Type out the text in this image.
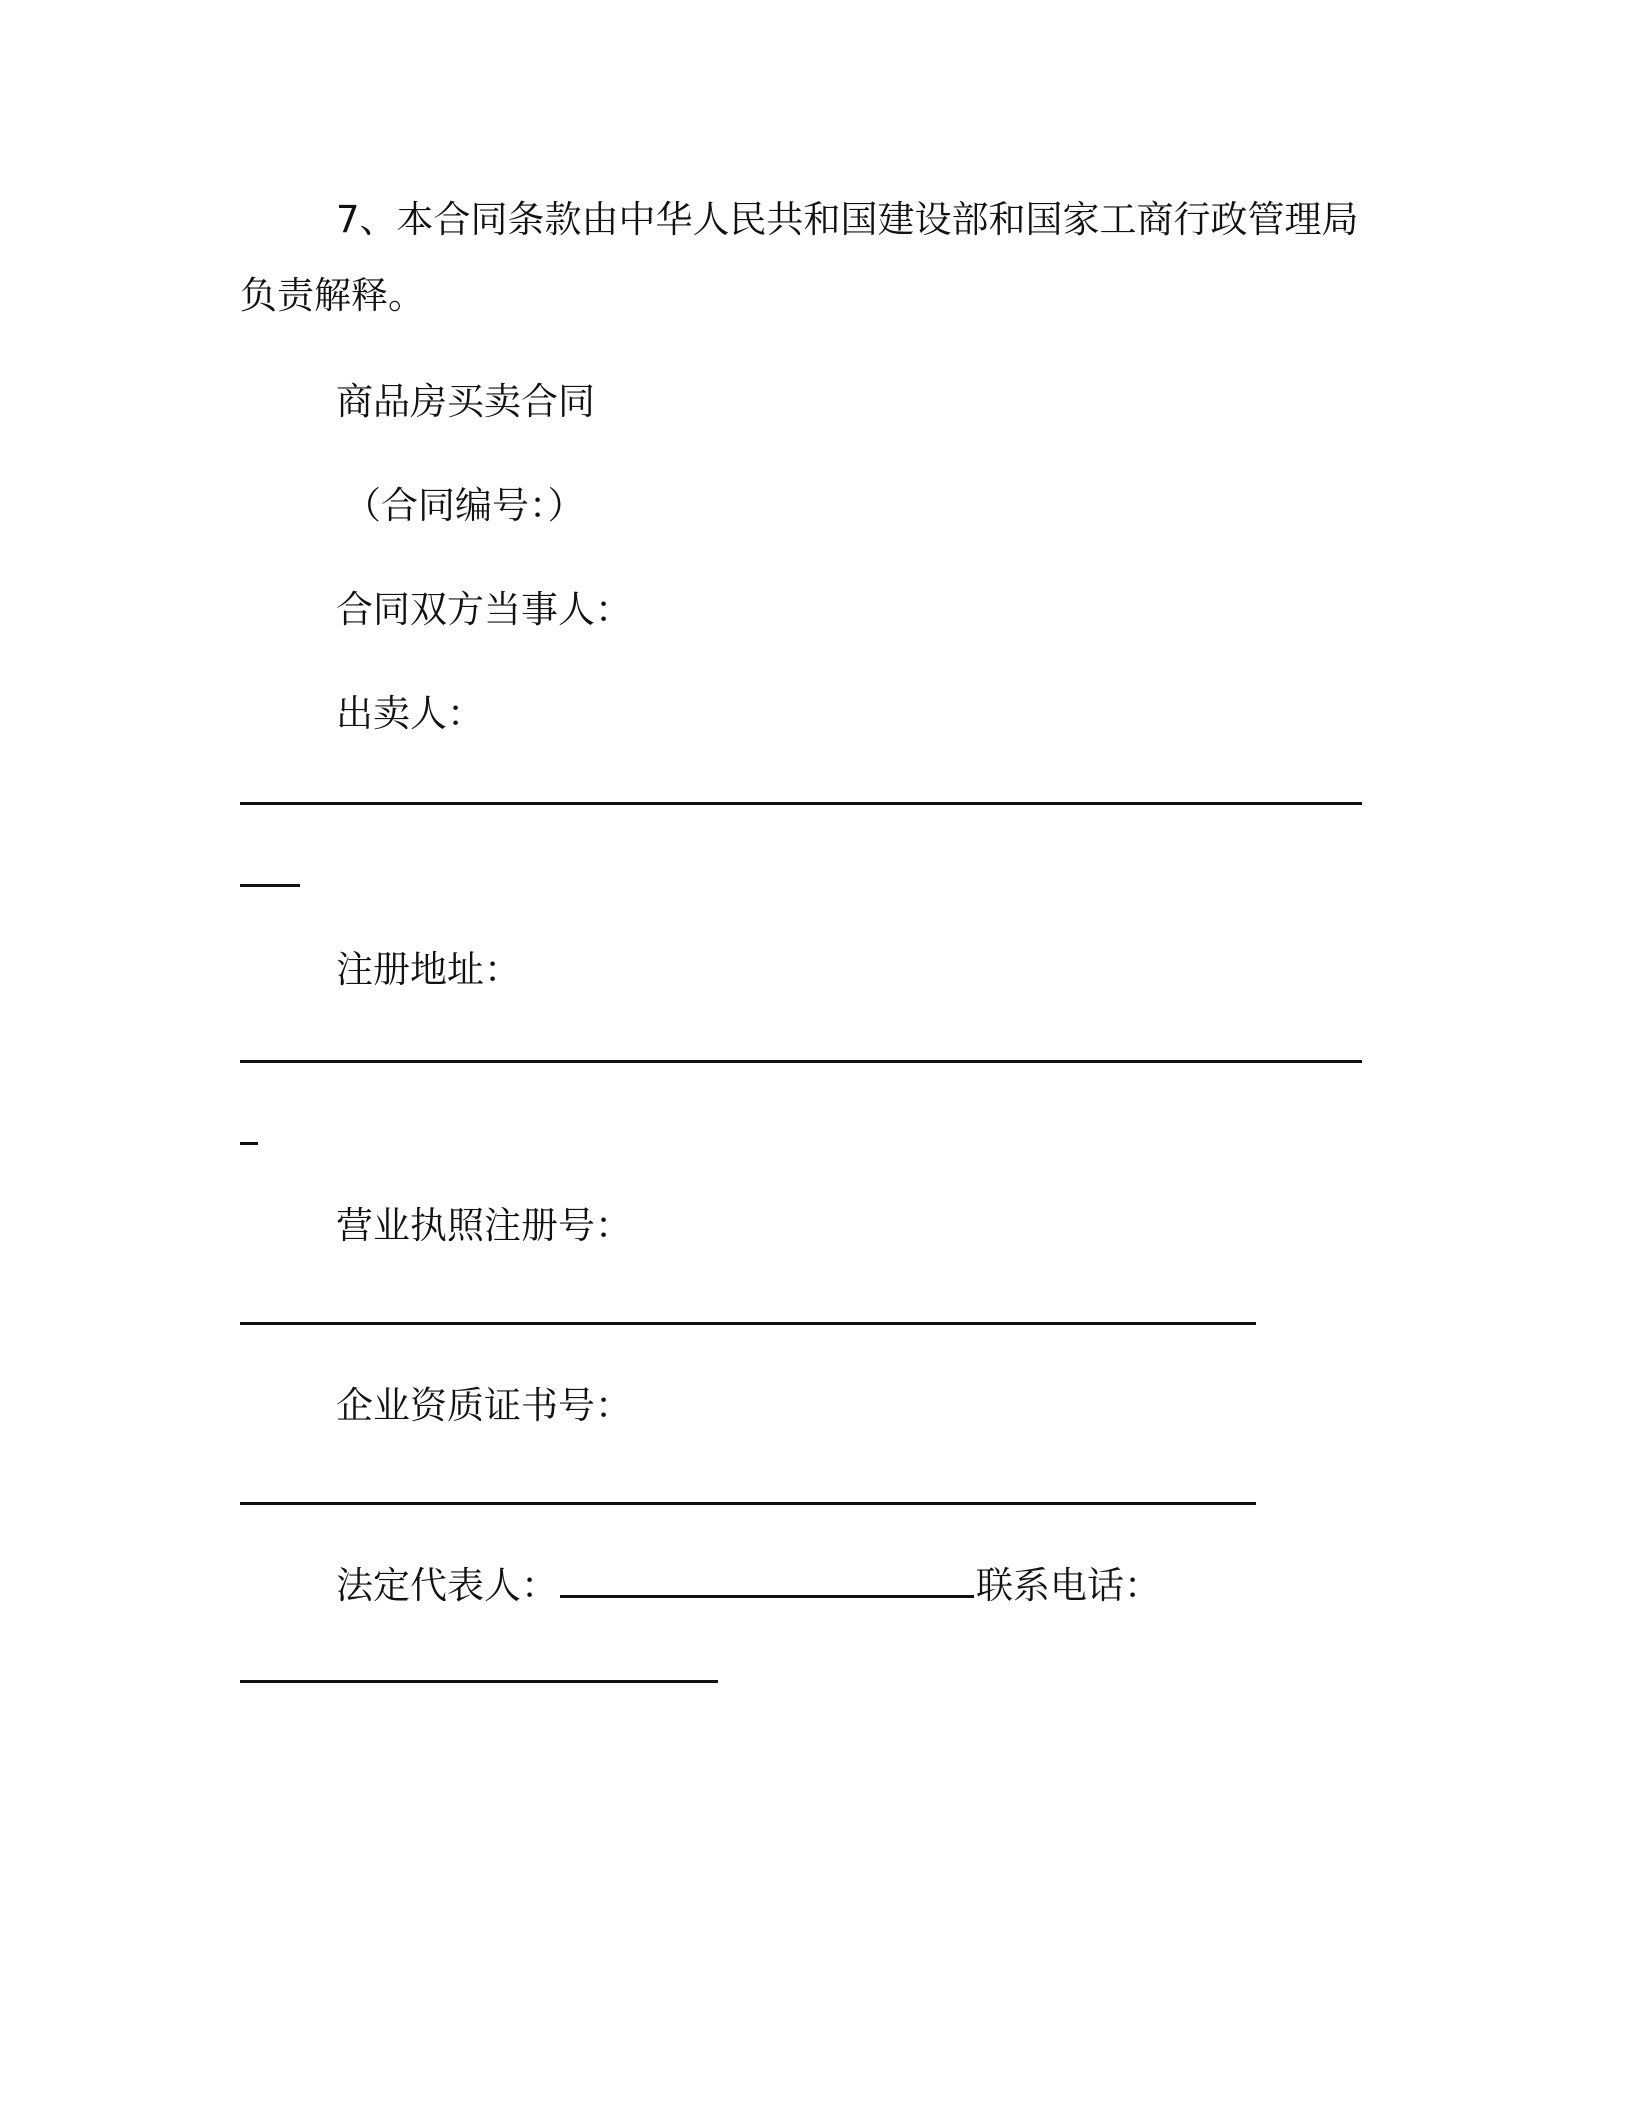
7、本合同条款由中华人民共和国建设部和国家工商行政管理局
负责解释。
商品房买卖合同
（合同编号：）
合同双方当事人：
出卖人：
注册地址：
营业执照注册号：
企业资质证书号：
法定代表人：	联系电话：
